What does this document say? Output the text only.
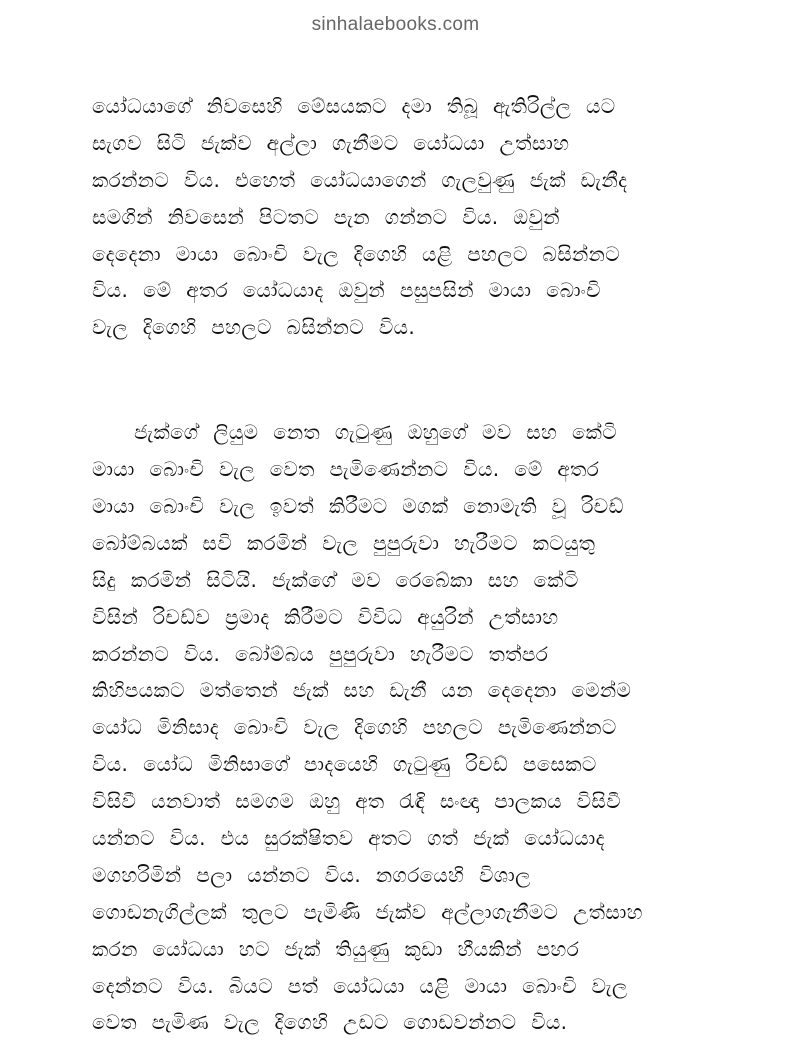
sinhalaebooks.com
යෝධයාගේ නිවසෙහි මේසයකට දමා තිබූ ඇතිරිල්ල යට
සැගව සිටි ජැක්ව අල්ලා ගැනීමට යෝධයා උත්සාහ
කරන්නට විය. එහෙත් යෝධයාගෙන් ගැලවුණු ජැක් ඩැනීද
සමගින් නිවසෙන් පිටතට පැන ගන්නට විය. ඔවුන්
දෙදෙනා මායා බොංචි වැල දිගෙහි යළි පහලට බසින්නට
විය. මේ අතර යෝධයාද ඔවුන් පසුපසින් මායා බොංචි
වැල දිගෙහි පහලට බසින්නට විය.
ජැක්ගේ ලියුම නෙත ගැටුණු ඔහුගේ මව සහ කේටි
මායා බොංචි වැල වෙත පැමිණෙන්නට විය. මේ අතර
මායා බොංචි වැල ඉවත් කිරීමට මගක් නොමැති වූ රිචඩ්
බෝම්බයක් සවි කරමින් වැල පුපුරුවා හැරීමට කටයුතු
සිදු කරමින් සිටියි. ජැක්ගේ මව රෙබේකා සහ කේටි
විසින් රිචඩ්ව ප්‍රමාද කිරීමට විවිධ අයුරින් උත්සාහ
කරන්නට විය. බෝම්බය පුපුරුවා හැරීමට තත්පර
කිහිපයකට මත්තෙන් ජැක් සහ ඩැනී යන දෙදෙනා මෙන්ම
යෝධ මිනිසාද බොංචි වැල දිගෙහි පහලට පැමිණෙන්නට
විය. යෝධ මිනිසාගේ පාදයෙහි ගැටුණු රිචඩ් පසෙකට
විසිවී යනවාත් සමගම ඔහු අත රැඳි සංඥා පාලකය විසිවී
යන්නට විය. එය සුරක්ෂිතව අතට ගත් ජැක් යෝධයාද
මගහරිමින් පලා යන්නට විය. නගරයෙහි විශාල
ගොඩනැගිල්ලක් තුලට පැමිණි ජැක්ව අල්ලාගැනීමට උත්සාහ
කරන යෝධයා හට ජැක් තියුණු කුඩා හීයකින් පහර
දෙන්නට විය. බියට පත් යෝධයා යළි මායා බොංචි වැල
වෙත පැමිණ වැල දිගෙහි උඩට ගොඩවන්නට විය.
